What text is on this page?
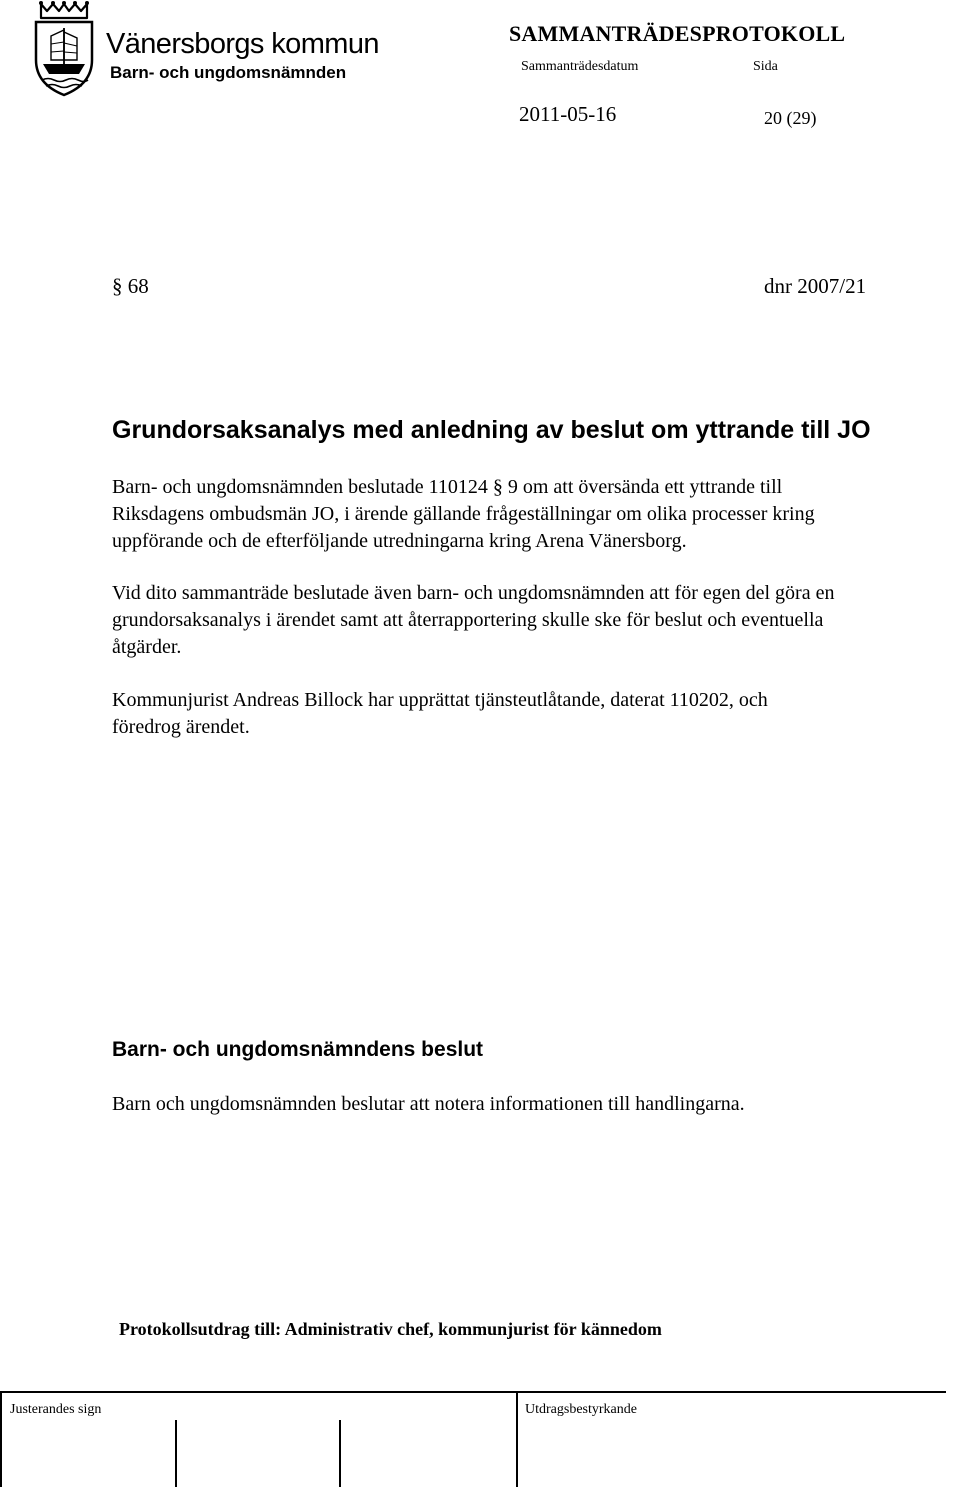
Vänersborgs kommun
Barn- och ungdomsnämnden
SAMMANTRÄDESPROTOKOLL
Sammanträdesdatum	Sida
2011-05-16	20 (29)
§ 68	dnr 2007/21
Grundorsaksanalys med anledning av beslut om yttrande till JO
Barn- och ungdomsnämnden beslutade 110124 § 9 om att översända ett yttrande till
Riksdagens ombudsmän JO, i ärende gällande frågeställningar om olika processer kring
uppförande och de efterföljande utredningarna kring Arena Vänersborg.
Vid dito sammanträde beslutade även barn- och ungdomsnämnden att för egen del göra en
grundorsaksanalys i ärendet samt att återrapportering skulle ske för beslut och eventuella
åtgärder.
Kommunjurist Andreas Billock har upprättat tjänsteutlåtande, daterat 110202, och
föredrog ärendet.
Barn- och ungdomsnämndens beslut
Barn och ungdomsnämnden beslutar att notera informationen till handlingarna.
Protokollsutdrag till: Administrativ chef, kommunjurist för kännedom
Justerandes sign	Utdragsbestyrkande
